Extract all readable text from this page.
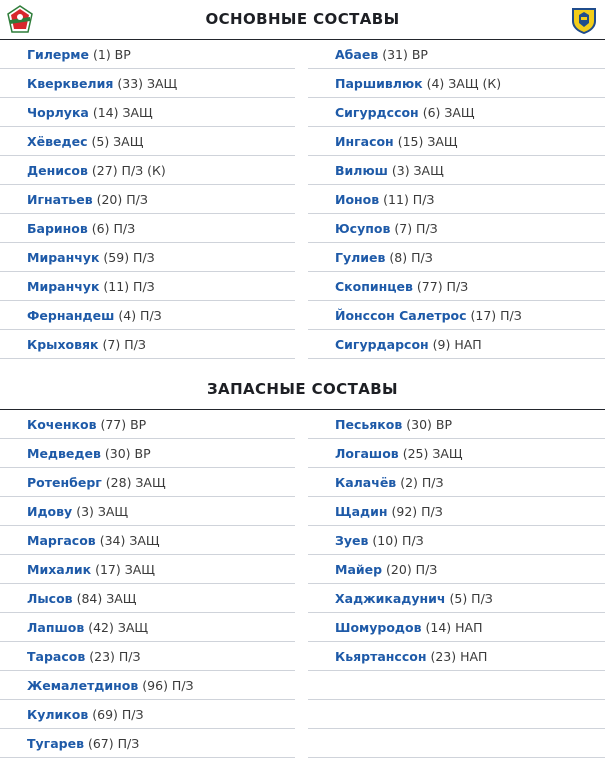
ОСНОВНЫЕ СОСТАВЫ
Гилерме (1) ВР
Кверквелия (33) ЗАЩ
Чорлука (14) ЗАЩ
Хёведес (5) ЗАЩ
Денисов (27) П/З (К)
Игнатьев (20) П/З
Баринов (6) П/З
Миранчук (59) П/З
Миранчук (11) П/З
Фернандеш (4) П/З
Крыховяк (7) П/З
Абаев (31) ВР
Паршивлюк (4) ЗАЩ (К)
Сигурдссон (6) ЗАЩ
Ингасон (15) ЗАЩ
Вилюш (3) ЗАЩ
Ионов (11) П/З
Юсупов (7) П/З
Гулиев (8) П/З
Скопинцев (77) П/З
Йонссон Салетрос (17) П/З
Сигурдарсон (9) НАП
ЗАПАСНЫЕ СОСТАВЫ
Коченков (77) ВР
Медведев (30) ВР
Ротенберг (28) ЗАЩ
Идову (3) ЗАЩ
Маргасов (34) ЗАЩ
Михалик (17) ЗАЩ
Лысов (84) ЗАЩ
Лапшов (42) ЗАЩ
Тарасов (23) П/З
Жемалетдинов (96) П/З
Куликов (69) П/З
Тугарев (67) П/З
Песьяков (30) ВР
Логашов (25) ЗАЩ
Калачёв (2) П/З
Щадин (92) П/З
Зуев (10) П/З
Майер (20) П/З
Хаджикадунич (5) П/З
Шомуродов (14) НАП
Кьяртанссон (23) НАП
